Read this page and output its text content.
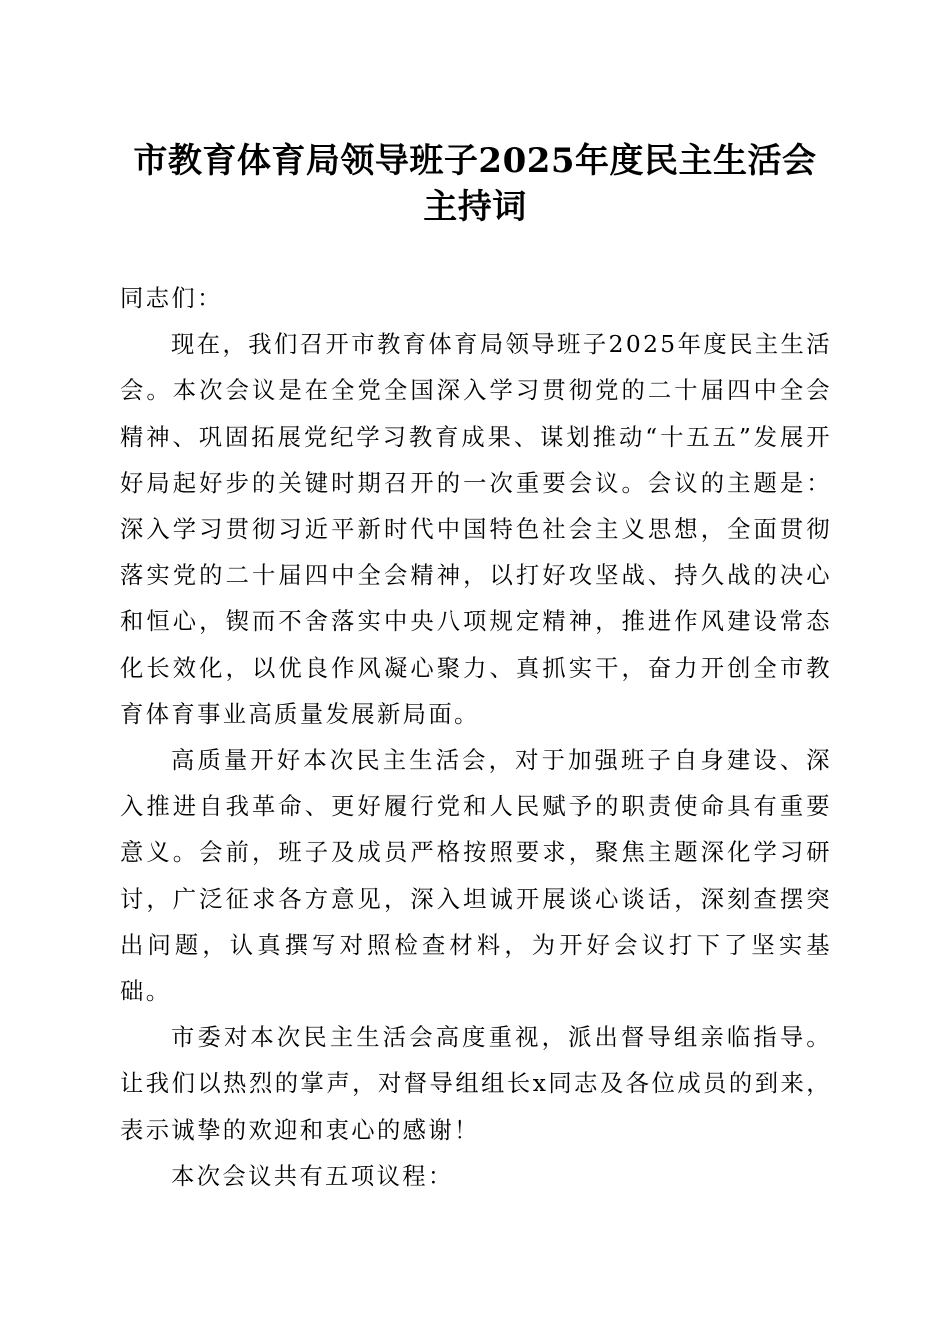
市教育体育局领导班子2025年度民主生活会
主持词

同志们：

现在，我们召开市教育体育局领导班子2025年度民主生活会。本次会议是在全党全国深入学习贯彻党的二十届四中全会精神、巩固拓展党纪学习教育成果、谋划推动“十五五”发展开好局起好步的关键时期召开的一次重要会议。会议的主题是：深入学习贯彻习近平新时代中国特色社会主义思想，全面贯彻落实党的二十届四中全会精神，以打好攻坚战、持久战的决心和恒心，锲而不舍落实中央八项规定精神，推进作风建设常态化长效化，以优良作风凝心聚力、真抓实干，奋力开创全市教育体育事业高质量发展新局面。

高质量开好本次民主生活会，对于加强班子自身建设、深入推进自我革命、更好履行党和人民赋予的职责使命具有重要意义。会前，班子及成员严格按照要求，聚焦主题深化学习研讨，广泛征求各方意见，深入坦诚开展谈心谈话，深刻查摆突出问题，认真撰写对照检查材料，为开好会议打下了坚实基础。

市委对本次民主生活会高度重视，派出督导组亲临指导。让我们以热烈的掌声，对督导组组长x同志及各位成员的到来，表示诚挚的欢迎和衷心的感谢！

本次会议共有五项议程：
